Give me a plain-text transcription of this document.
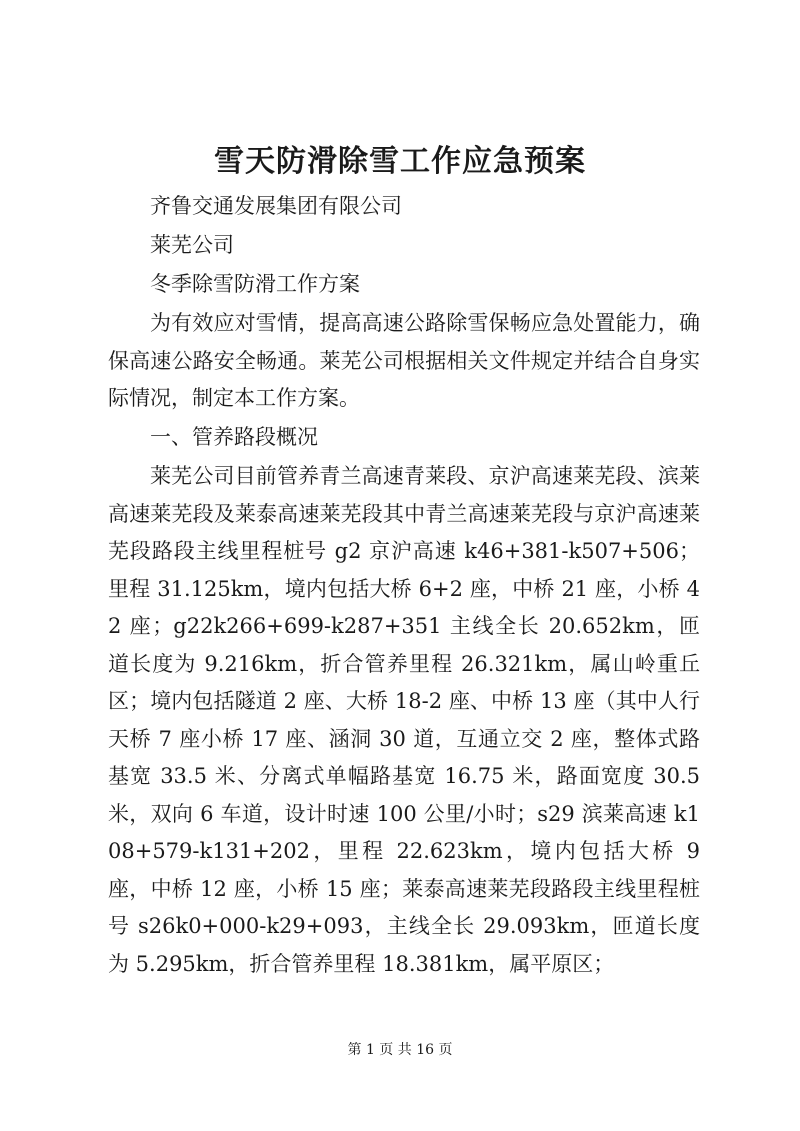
雪天防滑除雪工作应急预案

齐鲁交通发展集团有限公司

莱芜公司

冬季除雪防滑工作方案

为有效应对雪情，提高高速公路除雪保畅应急处置能力，确保高速公路安全畅通。莱芜公司根据相关文件规定并结合自身实际情况，制定本工作方案。

一、管养路段概况

莱芜公司目前管养青兰高速青莱段、京沪高速莱芜段、滨莱高速莱芜段及莱泰高速莱芜段其中青兰高速莱芜段与京沪高速莱芜段路段主线里程桩号 g2 京沪高速 k46+381-k507+506；里程 31.125km，境内包括大桥 6+2 座，中桥 21 座，小桥 42 座；g22k266+699-k287+351 主线全长 20.652km，匝道长度为 9.216km，折合管养里程 26.321km，属山岭重丘区；境内包括隧道 2 座、大桥 18-2 座、中桥 13 座（其中人行天桥 7 座小桥 17 座、涵洞 30 道，互通立交 2 座，整体式路基宽 33.5 米、分离式单幅路基宽 16.75 米，路面宽度 30.5 米，双向 6 车道，设计时速 100 公里/小时；s29 滨莱高速 k108+579-k131+202，里程 22.623km，境内包括大桥 9 座，中桥 12 座，小桥 15 座；莱泰高速莱芜段路段主线里程桩号 s26k0+000-k29+093，主线全长 29.093km，匝道长度为 5.295km，折合管养里程 18.381km，属平原区；

第 1 页 共 16 页
